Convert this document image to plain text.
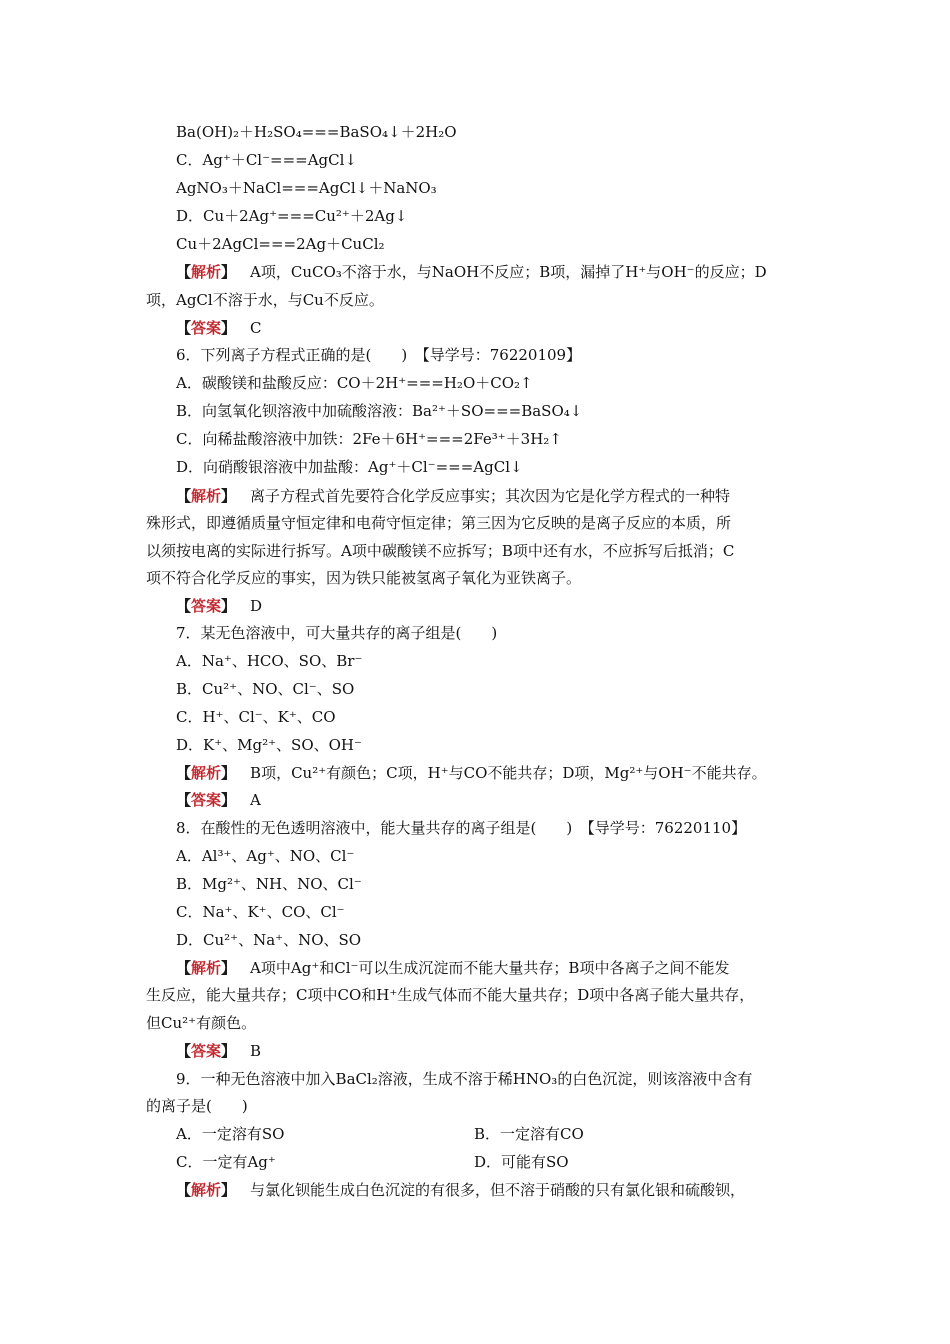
Ba(OH)₂＋H₂SO₄===BaSO₄↓＋2H₂O
C．Ag⁺＋Cl⁻===AgCl↓
AgNO₃＋NaCl===AgCl↓＋NaNO₃
D．Cu＋2Ag⁺===Cu²⁺＋2Ag↓
Cu＋2AgCl===2Ag＋CuCl₂
【解析】 A项，CuCO₃不溶于水，与NaOH不反应；B项，漏掉了H⁺与OH⁻的反应；D
项，AgCl不溶于水，与Cu不反应。
【答案】 C
6．下列离子方程式正确的是(　　)　【导学号：76220109】
A．碳酸镁和盐酸反应：CO＋2H⁺===H₂O＋CO₂↑
B．向氢氧化钡溶液中加硫酸溶液：Ba²⁺＋SO===BaSO₄↓
C．向稀盐酸溶液中加铁：2Fe＋6H⁺===2Fe³⁺＋3H₂↑
D．向硝酸银溶液中加盐酸：Ag⁺＋Cl⁻===AgCl↓
【解析】 离子方程式首先要符合化学反应事实；其次因为它是化学方程式的一种特
殊形式，即遵循质量守恒定律和电荷守恒定律；第三因为它反映的是离子反应的本质，所
以须按电离的实际进行拆写。A项中碳酸镁不应拆写；B项中还有水，不应拆写后抵消；C
项不符合化学反应的事实，因为铁只能被氢离子氧化为亚铁离子。
【答案】 D
7．某无色溶液中，可大量共存的离子组是(　　)
A．Na⁺、HCO、SO、Br⁻
B．Cu²⁺、NO、Cl⁻、SO
C．H⁺、Cl⁻、K⁺、CO
D．K⁺、Mg²⁺、SO、OH⁻
【解析】 B项，Cu²⁺有颜色；C项，H⁺与CO不能共存；D项，Mg²⁺与OH⁻不能共存。
【答案】 A
8．在酸性的无色透明溶液中，能大量共存的离子组是(　　)　【导学号：76220110】
A．Al³⁺、Ag⁺、NO、Cl⁻
B．Mg²⁺、NH、NO、Cl⁻
C．Na⁺、K⁺、CO、Cl⁻
D．Cu²⁺、Na⁺、NO、SO
【解析】 A项中Ag⁺和Cl⁻可以生成沉淀而不能大量共存；B项中各离子之间不能发
生反应，能大量共存；C项中CO和H⁺生成气体而不能大量共存；D项中各离子能大量共存，
但Cu²⁺有颜色。
【答案】 B
9．一种无色溶液中加入BaCl₂溶液，生成不溶于稀HNO₃的白色沉淀，则该溶液中含有
的离子是(　　)
A．一定溶有SO	B．一定溶有CO
C．一定有Ag⁺	D．可能有SO
【解析】 与氯化钡能生成白色沉淀的有很多，但不溶于硝酸的只有氯化银和硫酸钡，
